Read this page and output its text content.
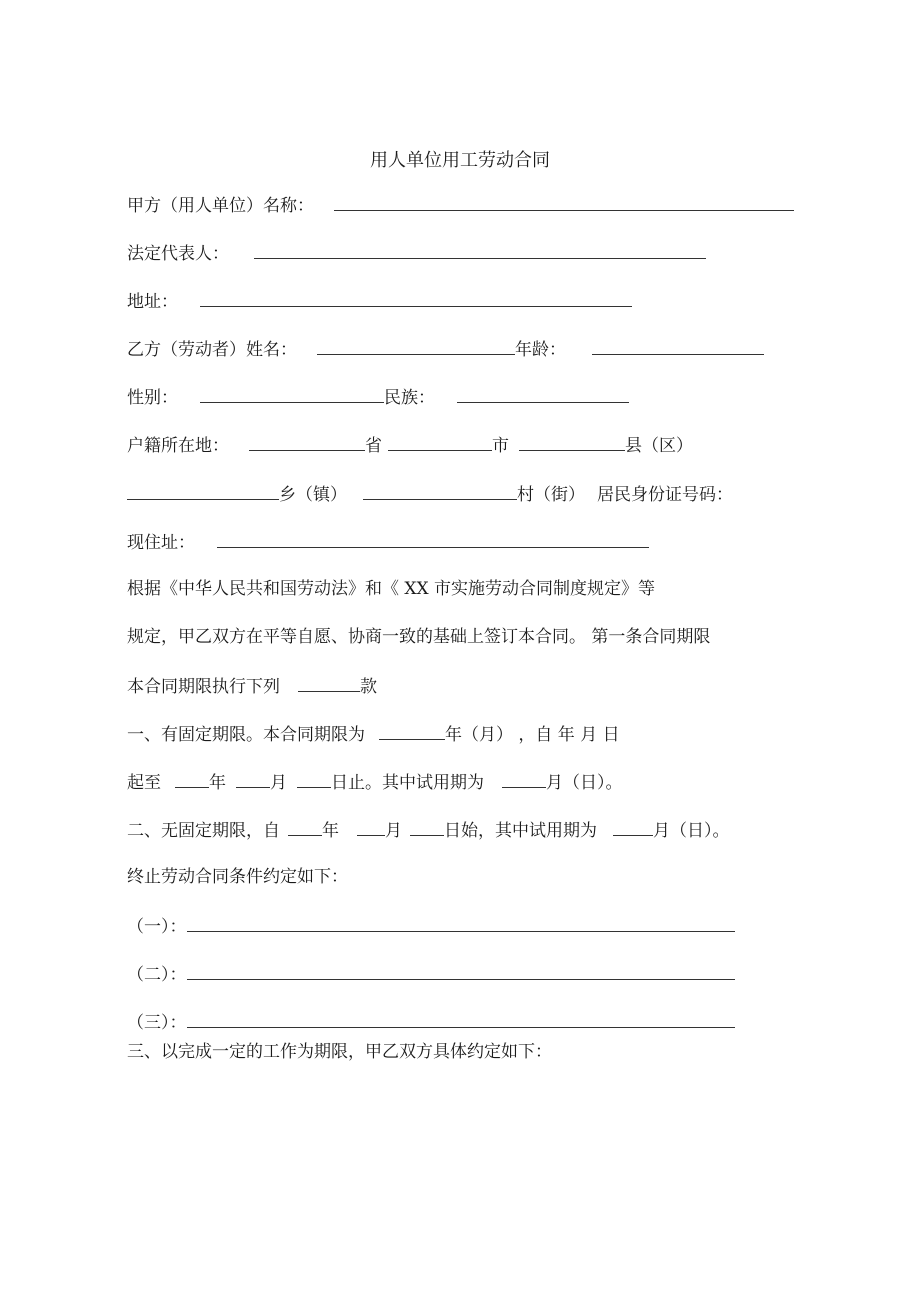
用人单位用工劳动合同
甲方（用人单位）名称：
法定代表人：
地址：
乙方（劳动者）姓名：	年龄：
性别：	民族：
户籍所在地：	省	市	县（区）
乡（镇）	村（街） 居民身份证号码：
现住址：
根据《中华人民共和国劳动法》和《 XX 市实施劳动合同制度规定》等
规定，甲乙双方在平等自愿、协商一致的基础上签订本合同。 第一条合同期限
本合同期限执行下列	款
一、有固定期限。本合同期限为	年（月） ，自 年 月 日
起至	年	月	日止。其中试用期为	月（日）。
二、无固定期限，自 年	月 日始，其中试用期为	月（日）。
终止劳动合同条件约定如下：
（一）：
（二）：
（三）：
三、以完成一定的工作为期限，甲乙双方具体约定如下：
